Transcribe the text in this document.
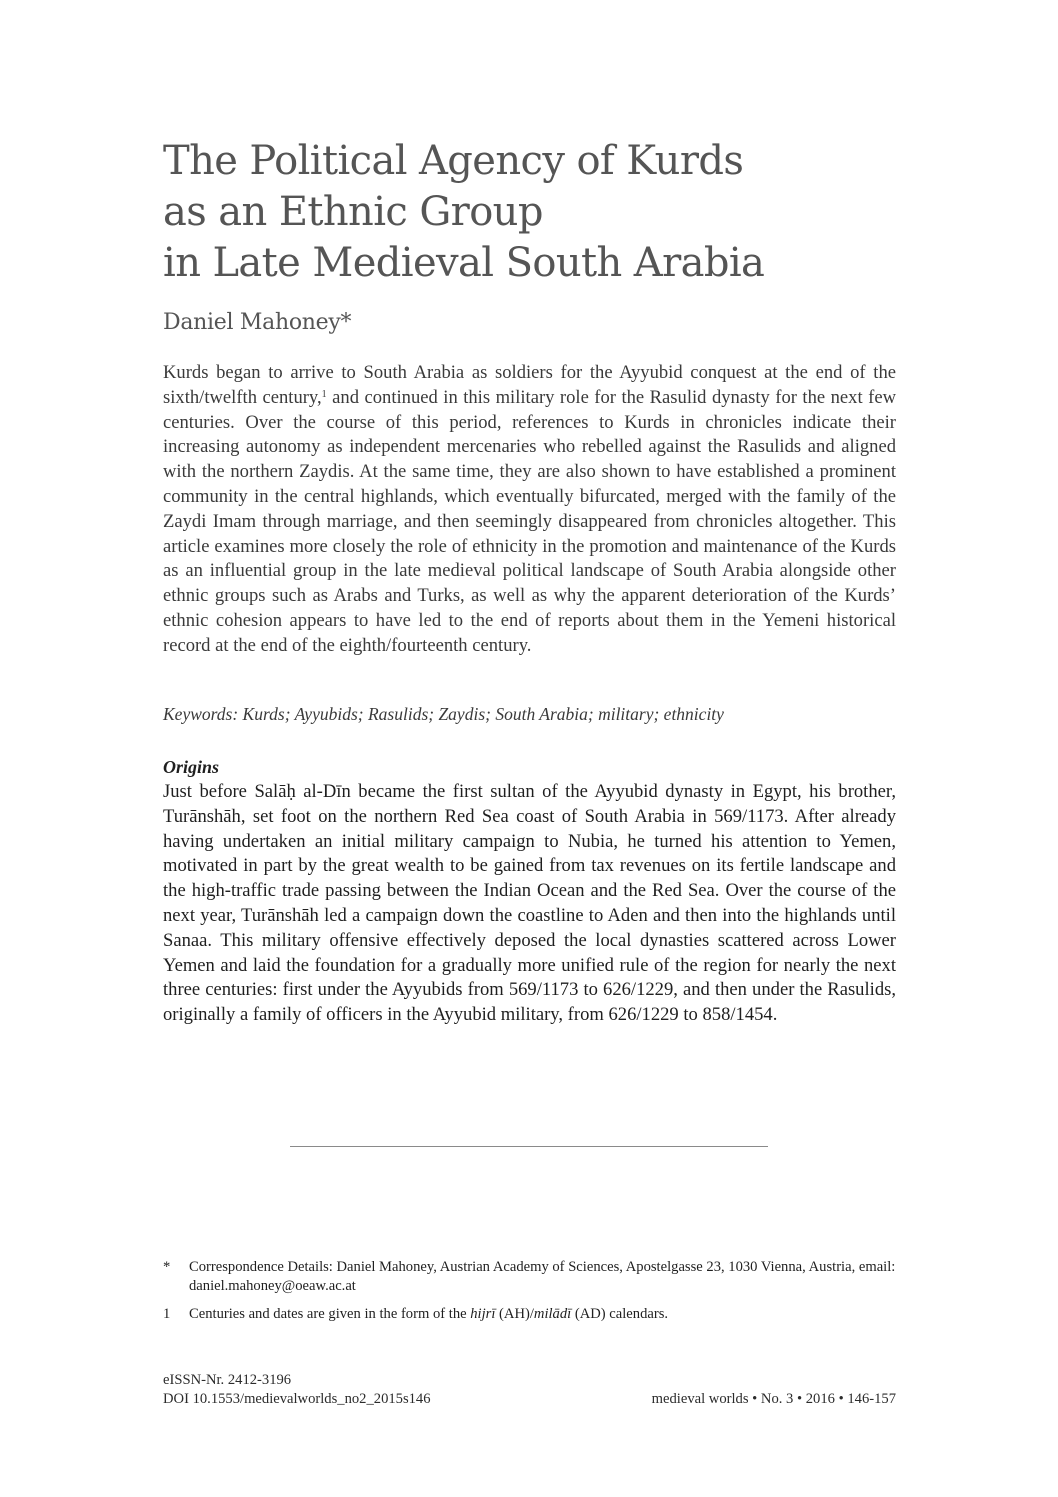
The Political Agency of Kurds
as an Ethnic Group
in Late Medieval South Arabia
Daniel Mahoney*
Kurds began to arrive to South Arabia as soldiers for the Ayyubid conquest at the end of the sixth/twelfth century,$^1$ and continued in this military role for the Rasulid dynasty for the next few centuries. Over the course of this period, references to Kurds in chronicles indicate their increasing autonomy as independent mercenaries who rebelled against the Rasulids and aligned with the northern Zaydis. At the same time, they are also shown to have established a prominent community in the central highlands, which eventually bifurcated, merged with the family of the Zaydi Imam through marriage, and then seemingly disappeared from chronicles altogether. This article examines more closely the role of ethnicity in the promotion and maintenance of the Kurds as an influential group in the late medieval political landscape of South Arabia alongside other ethnic groups such as Arabs and Turks, as well as why the apparent deterioration of the Kurds’ ethnic cohesion appears to have led to the end of reports about them in the Yemeni historical record at the end of the eighth/fourteenth century.
Keywords: Kurds; Ayyubids; Rasulids; Zaydis; South Arabia; military; ethnicity
Origins
Just before Salāḥ al-Dīn became the first sultan of the Ayyubid dynasty in Egypt, his brother, Turānshāh, set foot on the northern Red Sea coast of South Arabia in 569/1173. After already having undertaken an initial military campaign to Nubia, he turned his attention to Yemen, motivated in part by the great wealth to be gained from tax revenues on its fertile landscape and the high-traffic trade passing between the Indian Ocean and the Red Sea. Over the course of the next year, Turānshāh led a campaign down the coastline to Aden and then into the highlands until Sanaa. This military offensive effectively deposed the local dynasties scattered across Lower Yemen and laid the foundation for a gradually more unified rule of the region for nearly the next three centuries: first under the Ayyubids from 569/1173 to 626/1229, and then under the Rasulids, originally a family of officers in the Ayyubid military, from 626/1229 to 858/1454.
* Correspondence Details: Daniel Mahoney, Austrian Academy of Sciences, Apostelgasse 23, 1030 Vienna, Austria, email: daniel.mahoney@oeaw.ac.at
1 Centuries and dates are given in the form of the hijrī (AH)/milādī (AD) calendars.
eISSN-Nr. 2412-3196
DOI 10.1553/medievalworlds_no2_2015s146	medieval worlds • No. 3 • 2016 • 146-157
